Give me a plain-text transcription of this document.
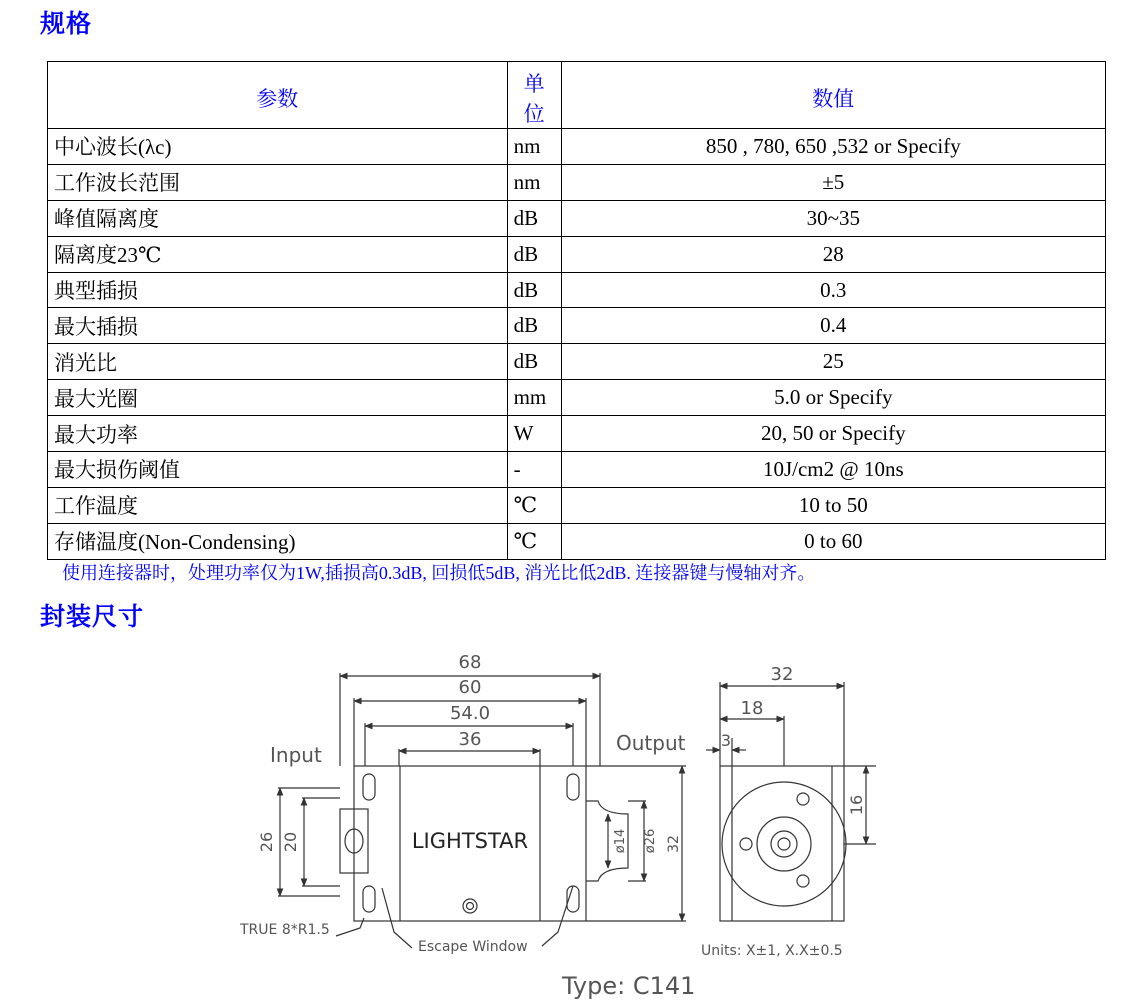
规格
参数	单位	数值
中心波长(λc)	nm	850 , 780, 650 ,532 or Specify
工作波长范围	nm	±5
峰值隔离度	dB	30~35
隔离度23℃	dB	28
典型插损	dB	0.3
最大插损	dB	0.4
消光比	dB	25
最大光圈	mm	5.0 or Specify
最大功率	W	20, 50 or Specify
最大损伤阈值	-	10J/cm2 @ 10ns
工作温度	℃	10 to 50
存储温度(Non-Condensing)	℃	0 to 60
使用连接器时，处理功率仅为1W,插损高0.3dB, 回损低5dB, 消光比低2dB. 连接器键与慢轴对齐。
封装尺寸
68
60
54.0
36
Input	Output
LIGHTSTAR
26 20	ø14 ø26 32
32
18
3
16
TRUE 8*R1.5
Escape Window	Units: X±1, X.X±0.5
Type: C141
